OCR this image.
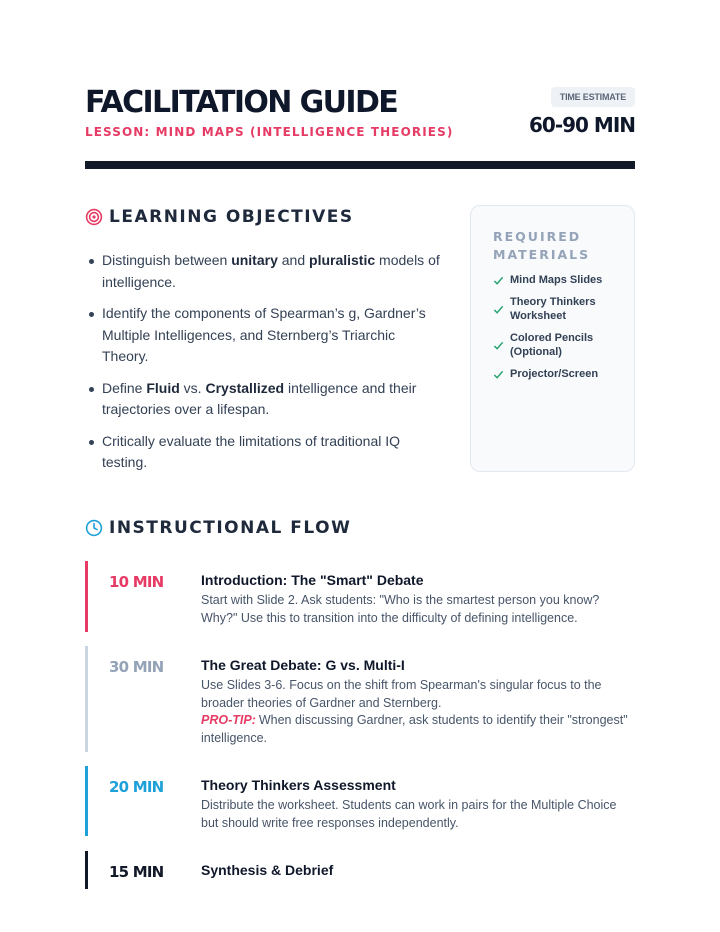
FACILITATION GUIDE
LESSON: MIND MAPS (INTELLIGENCE THEORIES)
TIME ESTIMATE
60-90 MIN
LEARNING OBJECTIVES
Distinguish between unitary and pluralistic models of intelligence.
Identify the components of Spearman’s g, Gardner’s Multiple Intelligences, and Sternberg’s Triarchic Theory.
Define Fluid vs. Crystallized intelligence and their trajectories over a lifespan.
Critically evaluate the limitations of traditional IQ testing.
REQUIRED MATERIALS
Mind Maps Slides
Theory Thinkers Worksheet
Colored Pencils (Optional)
Projector/Screen
INSTRUCTIONAL FLOW
10 MIN	Introduction: The "Smart" Debate
Start with Slide 2. Ask students: "Who is the smartest person you know? Why?" Use this to transition into the difficulty of defining intelligence.
30 MIN	The Great Debate: G vs. Multi-I
Use Slides 3-6. Focus on the shift from Spearman's singular focus to the broader theories of Gardner and Sternberg.
PRO-TIP: When discussing Gardner, ask students to identify their "strongest" intelligence.
20 MIN	Theory Thinkers Assessment
Distribute the worksheet. Students can work in pairs for the Multiple Choice but should write free responses independently.
15 MIN	Synthesis & Debrief
